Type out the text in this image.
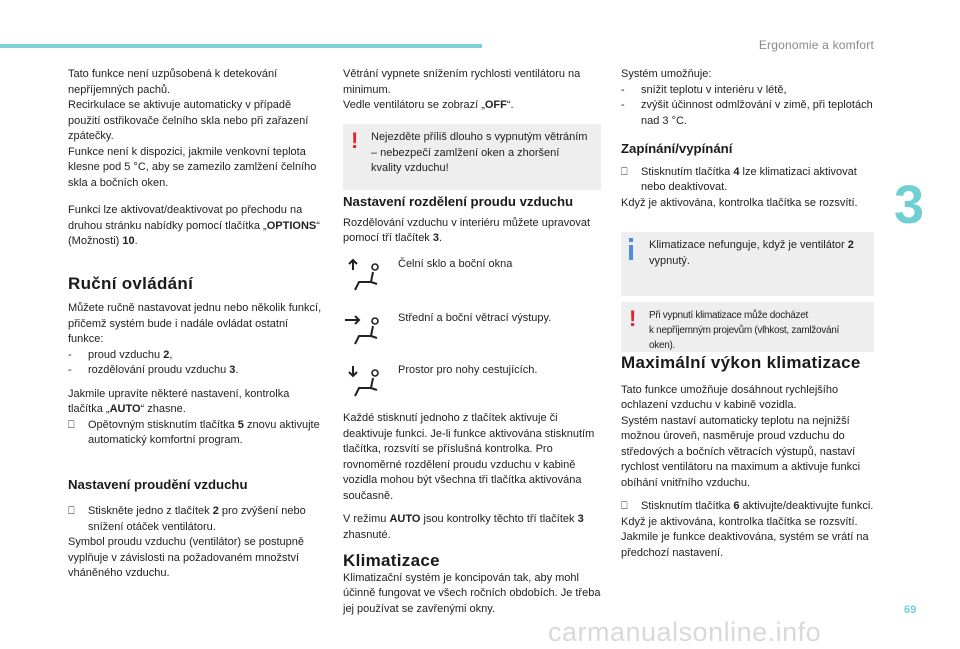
Ergonomie a komfort
3
69
carmanualsonline.info

Tato funkce není uzpůsobená k detekování nepříjemných pachů.

Recirkulace se aktivuje automaticky v případě použití ostřikovače čelního skla nebo při zařazení zpátečky.

Funkce není k dispozici, jakmile venkovní teplota klesne pod 5 °C, aby se zamezilo zamlžení čelního skla a bočních oken.

Funkci lze aktivovat/deaktivovat po přechodu na druhou stránku nabídky pomocí tlačítka „OPTIONS“ (Možnosti) 10.

Ruční ovládání

Můžete ručně nastavovat jednu nebo několik funkcí, přičemž systém bude i nadále ovládat ostatní funkce:

-	proud vzduchu 2,
-	rozdělování proudu vzduchu 3.

Jakmile upravíte některé nastavení, kontrolka tlačítka „AUTO“ zhasne.

⎕	Opětovným stisknutím tlačítka 5 znovu aktivujte automatický komfortní program.
Nastavení proudění vzduchu
⎕	Stiskněte jedno z tlačítek 2 pro zvýšení nebo snížení otáček ventilátoru.

Symbol proudu vzduchu (ventilátor) se postupně vyplňuje v závislosti na požadovaném množství vháněného vzduchu.

Větrání vypnete snížením rychlosti ventilátoru na minimum.

Vedle ventilátoru se zobrazí „OFF“.

! Nejezděte příliš dlouho s vypnutým větráním – nebezpečí zamlžení oken a zhoršení kvality vzduchu!
Nastavení rozdělení proudu vzduchu

Rozdělování vzduchu v interiéru můžete upravovat pomocí tří tlačítek 3.

Čelní sklo a boční okna
Střední a boční větrací výstupy.
Prostor pro nohy cestujících.

Každé stisknutí jednoho z tlačítek aktivuje či deaktivuje funkci. Je-li funkce aktivována stisknutím tlačítka, rozsvítí se příslušná kontrolka. Pro rovnoměrné rozdělení proudu vzduchu v kabině vozidla mohou být všechna tři tlačítka aktivována současně.

V režimu AUTO jsou kontrolky těchto tří tlačítek 3 zhasnuté.

Klimatizace

Klimatizační systém je koncipován tak, aby mohl účinně fungovat ve všech ročních obdobích. Je třeba jej používat se zavřenými okny.

Systém umožňuje:

-	snížit teplotu v interiéru v létě,
-	zvýšit účinnost odmlžování v zimě, při teplotách nad 3 °C.
Zapínání/vypínání
⎕	Stisknutím tlačítka 4 lze klimatizaci aktivovat nebo deaktivovat.

Když je aktivována, kontrolka tlačítka se rozsvítí.

Klimatizace nefunguje, když je ventilátor 2 vypnutý.
! Při vypnutí klimatizace může docházet
k nepříjemným projevům (vlhkost, zamlžování oken).
Maximální výkon klimatizace

Tato funkce umožňuje dosáhnout rychlejšího ochlazení vzduchu v kabině vozidla.

Systém nastaví automaticky teplotu na nejnižší možnou úroveň, nasměruje proud vzduchu do středových a bočních větracích výstupů, nastaví rychlost ventilátoru na maximum a aktivuje funkci obíhání vnitřního vzduchu.

⎕	Stisknutím tlačítka 6 aktivujte/deaktivujte funkci.

Když je aktivována, kontrolka tlačítka se rozsvítí.

Jakmile je funkce deaktivována, systém se vrátí na předchozí nastavení.
